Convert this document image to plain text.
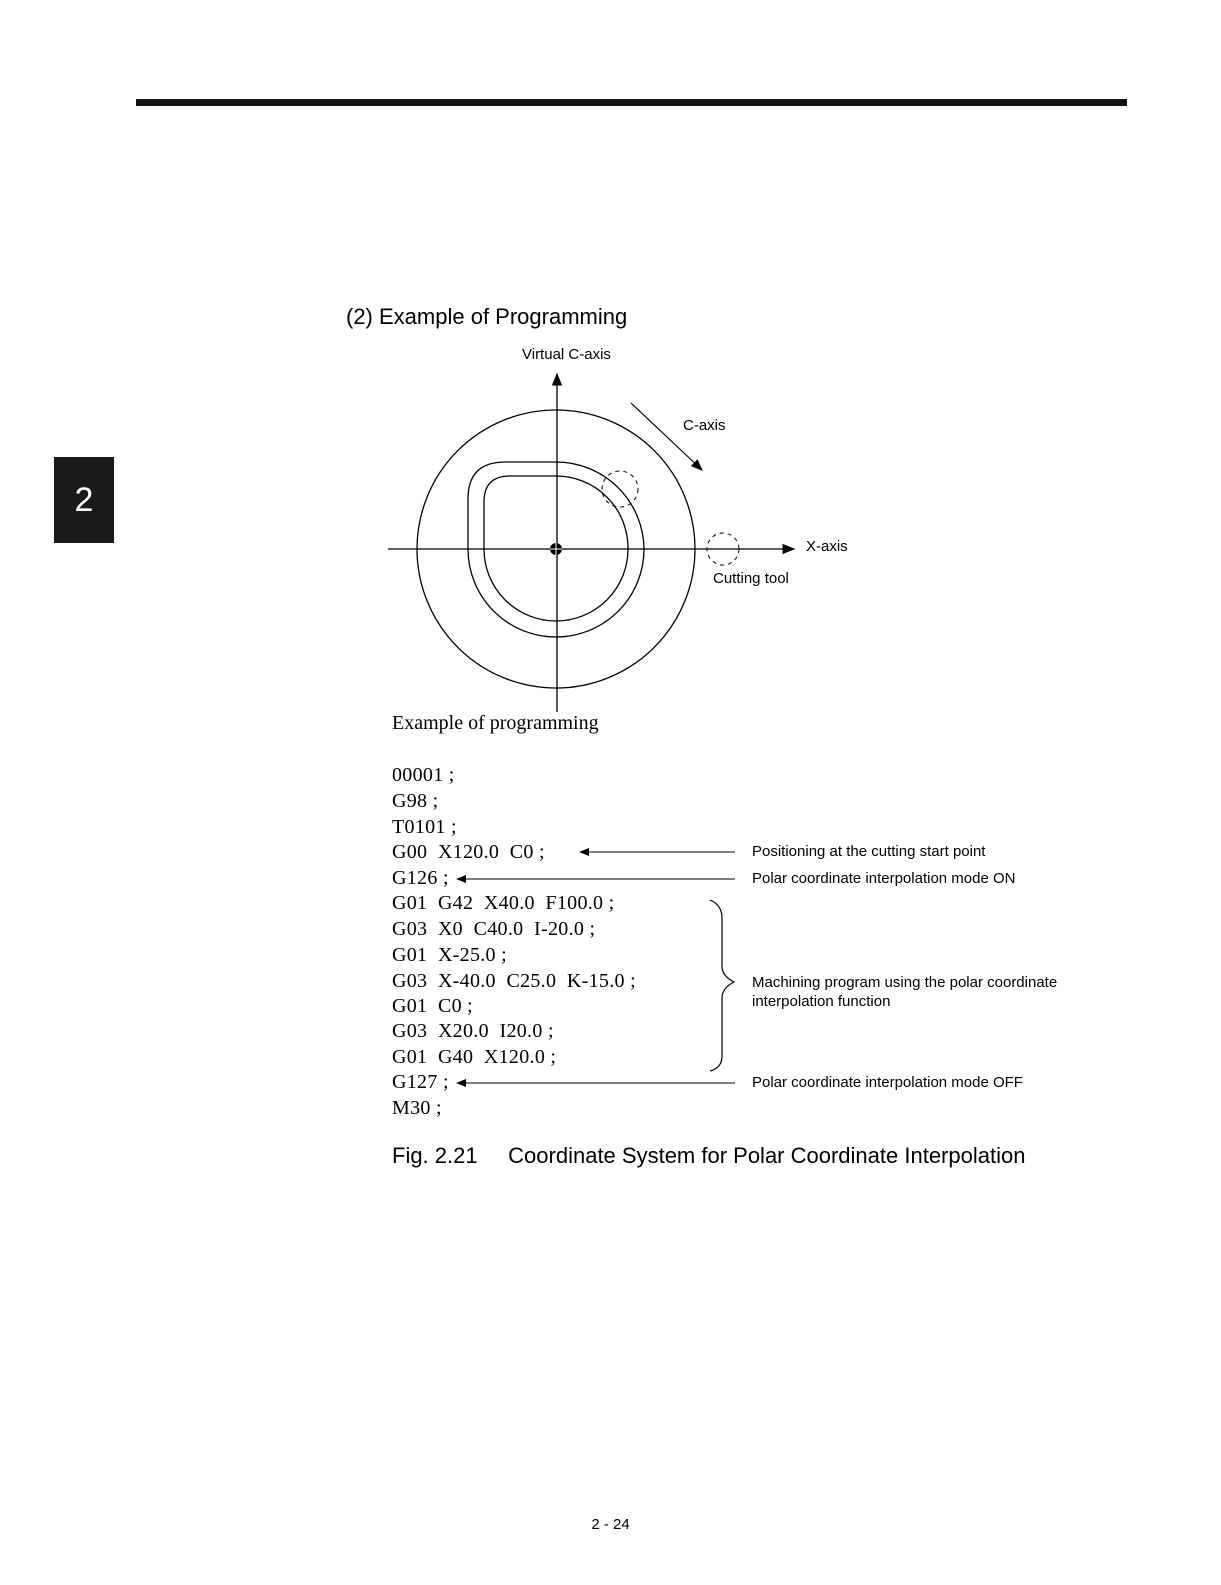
2
(2) Example of Programming
Virtual C-axis
C-axis
X-axis
Cutting tool
Example of programming
00001 ;
G98 ;
T0101 ;
G00  X120.0  C0 ;
G126 ;
G01  G42  X40.0  F100.0 ;
G03  X0  C40.0  I-20.0 ;
G01  X-25.0 ;
G03  X-40.0  C25.0  K-15.0 ;
G01  C0 ;
G03  X20.0  I20.0 ;
G01  G40  X120.0 ;
G127 ;
M30 ;
Positioning at the cutting start point
Polar coordinate interpolation mode ON
Machining program using the polar coordinate
interpolation function
Polar coordinate interpolation mode OFF
Fig. 2.21     Coordinate System for Polar Coordinate Interpolation
2 - 24
